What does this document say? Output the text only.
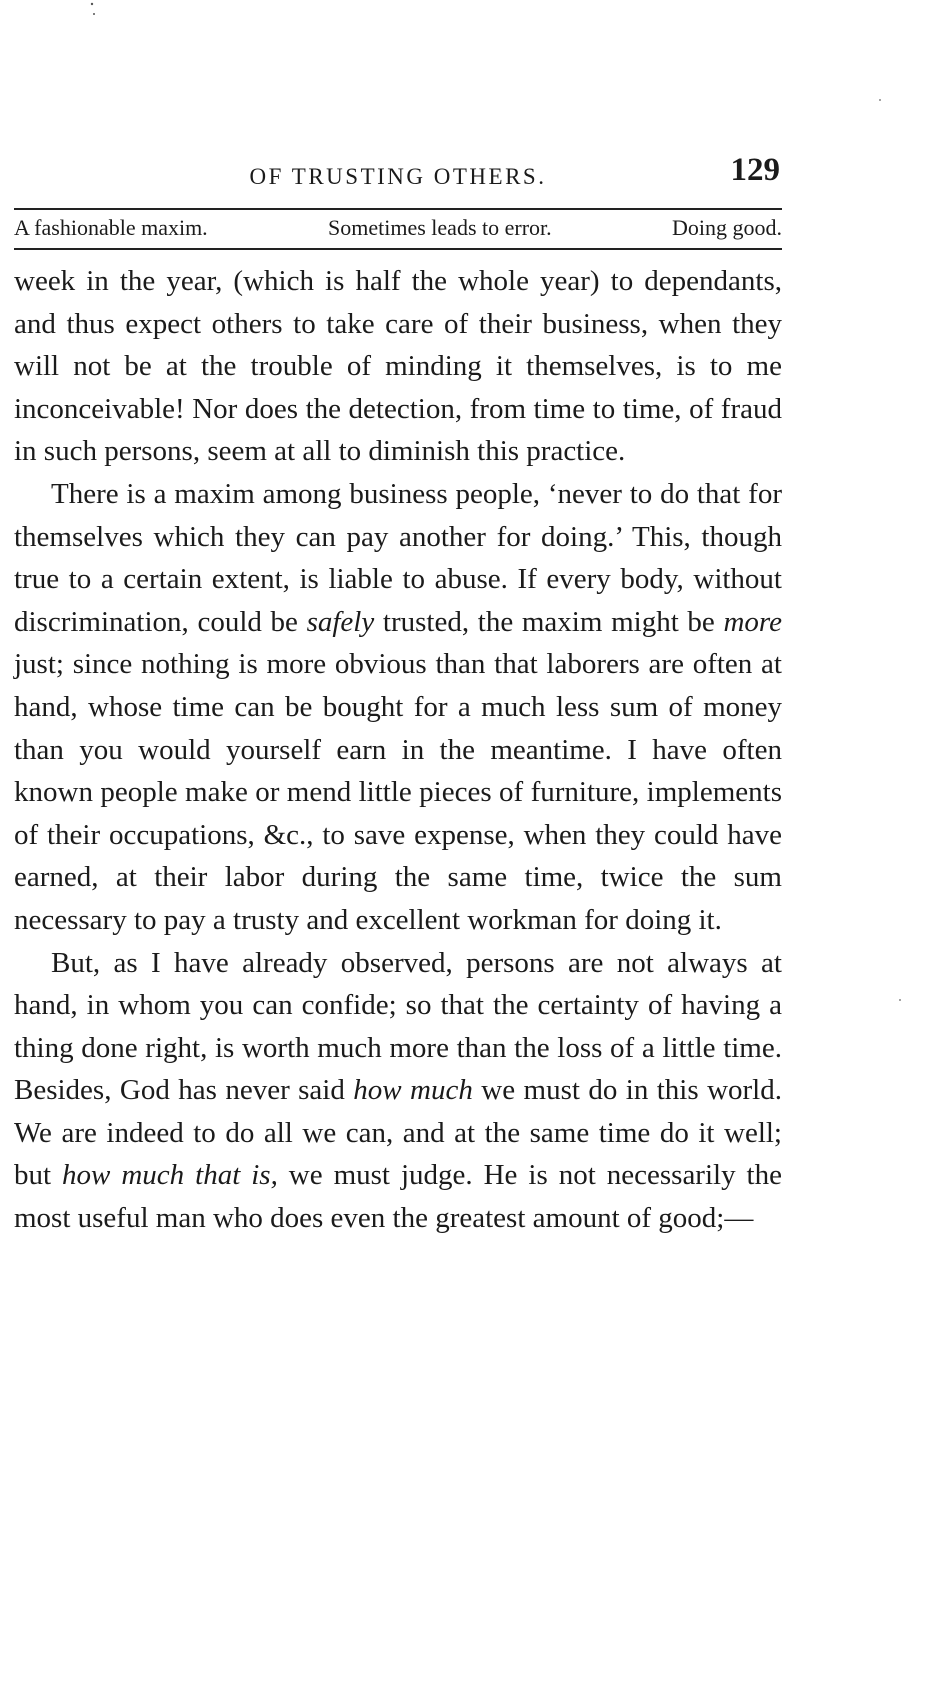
OF TRUSTING OTHERS.	129
A fashionable maxim.	Sometimes leads to error.	Doing good.

week in the year, (which is half the whole year) to dependants, and thus expect others to take care of their business, when they will not be at the trouble of minding it themselves, is to me inconceivable! Nor does the detection, from time to time, of fraud in such persons, seem at all to diminish this practice.

There is a maxim among business people, ‘never to do that for themselves which they can pay another for doing.’ This, though true to a certain extent, is liable to abuse. If every body, without discrimination, could be safely trusted, the maxim might be more just; since nothing is more obvious than that laborers are often at hand, whose time can be bought for a much less sum of money than you would yourself earn in the meantime. I have often known people make or mend little pieces of furniture, implements of their occupations, &c., to save expense, when they could have earned, at their labor during the same time, twice the sum necessary to pay a trusty and excellent workman for doing it.

But, as I have already observed, persons are not always at hand, in whom you can confide; so that the certainty of having a thing done right, is worth much more than the loss of a little time. Besides, God has never said how much we must do in this world. We are indeed to do all we can, and at the same time do it well; but how much that is, we must judge. He is not necessarily the most useful man who does even the greatest amount of good;—
